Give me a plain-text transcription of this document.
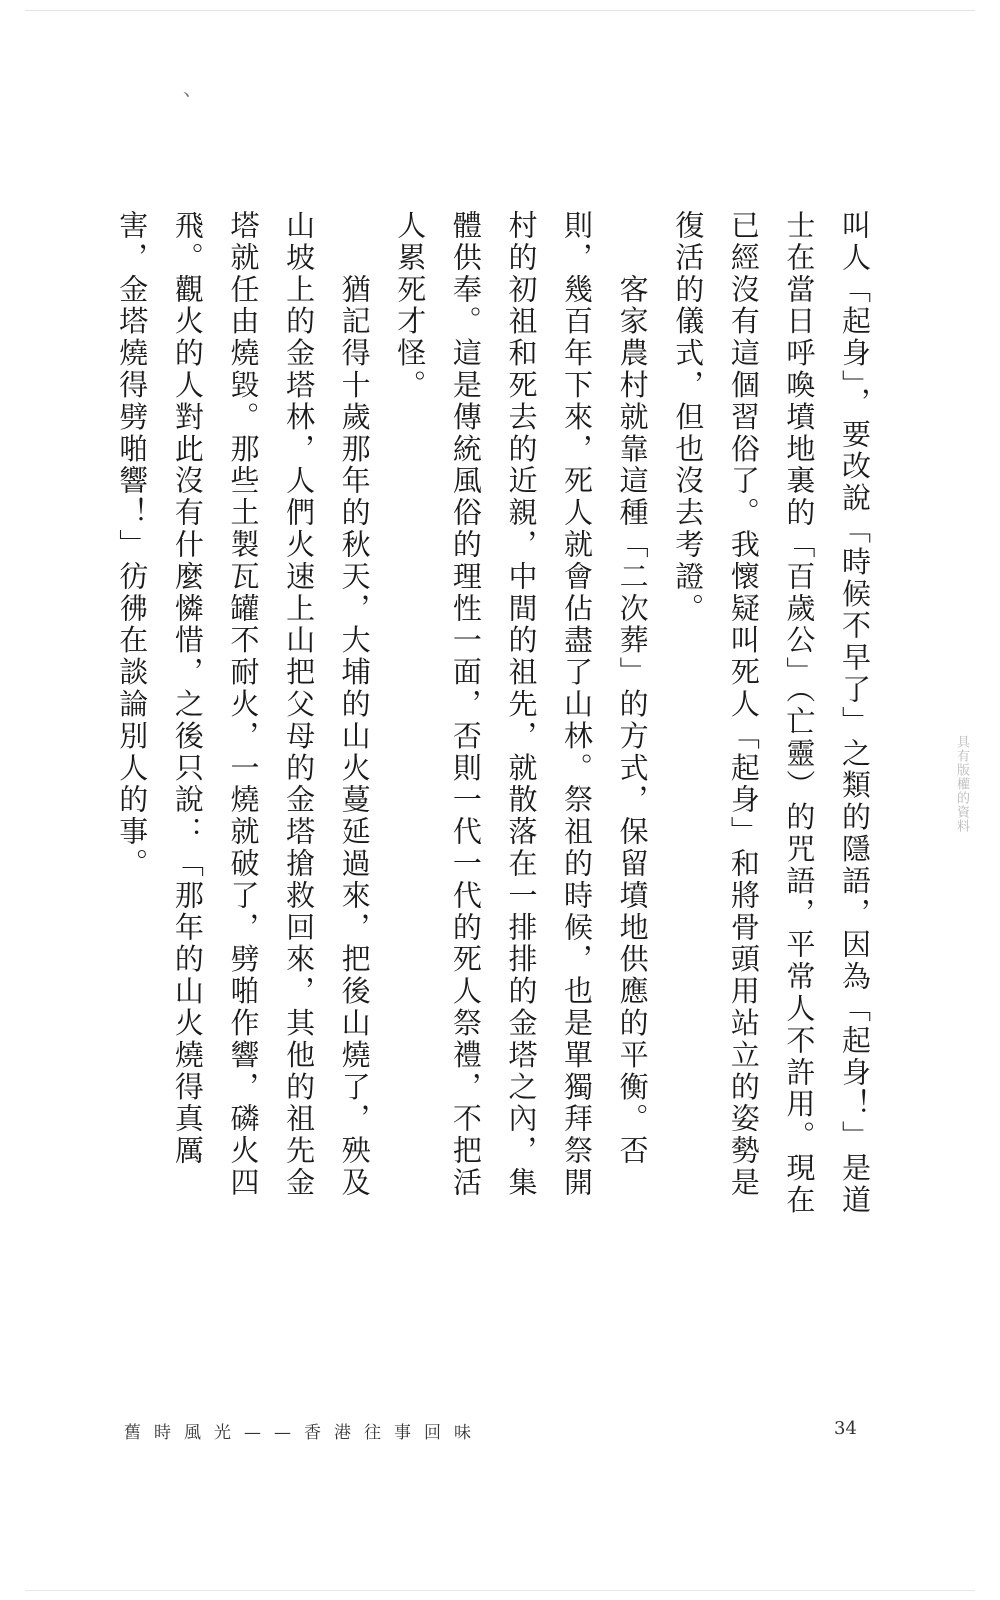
、

叫人「起身」，要改說「時候不早了」之類的隱語，因為「起身！」是道士在當日呼喚墳地裏的「百歲公」（亡靈）的咒語，平常人不許用。現在已經沒有這個習俗了。我懷疑叫死人「起身」和將骨頭用站立的姿勢是復活的儀式，但也沒去考證。

　　客家農村就靠這種「二次葬」的方式，保留墳地供應的平衡。否則，幾百年下來，死人就會佔盡了山林。祭祖的時候，也是單獨拜祭開村的初祖和死去的近親，中間的祖先，就散落在一排排的金塔之內，集體供奉。這是傳統風俗的理性一面，否則一代一代的死人祭禮，不把活人累死才怪。

　　猶記得十歲那年的秋天，大埔的山火蔓延過來，把後山燒了，殃及山坡上的金塔林，人們火速上山把父母的金塔搶救回來，其他的祖先金塔就任由燒毀。那些土製瓦罐不耐火，一燒就破了，劈啪作響，磷火四飛。觀火的人對此沒有什麼憐惜，之後只說：「那年的山火燒得真厲害，金塔燒得劈啪響！」彷彿在談論別人的事。	具有版權的資料
舊時風光——香港往事回味	34
